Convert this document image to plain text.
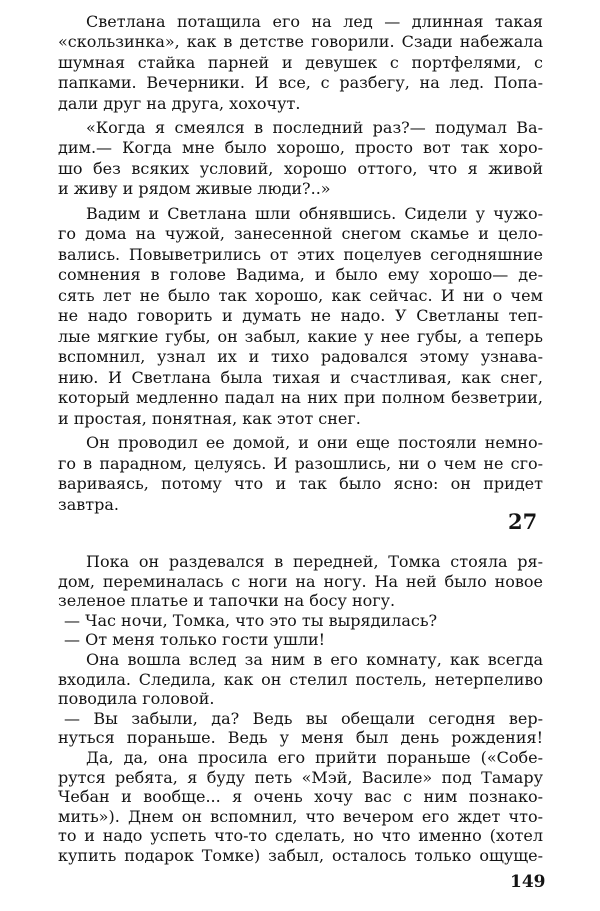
Светлана потащила его на лед — длинная такая

«скользинка», как в детстве говорили. Сзади набежала

шумная стайка парней и девушек с портфелями, с

папками. Вечерники. И все, с разбегу, на лед. Попа-

дали друг на друга, хохочут.

«Когда я смеялся в последний раз?— подумал Ва-

дим.— Когда мне было хорошо, просто вот так хоро-

шо без всяких условий, хорошо оттого, что я живой

и живу и рядом живые люди?..»

Вадим и Светлана шли обнявшись. Сидели у чужо-

го дома на чужой, занесенной снегом скамье и цело-

вались. Повыветрились от этих поцелуев сегодняшние

сомнения в голове Вадима, и было ему хорошо— де-

сять лет не было так хорошо, как сейчас. И ни о чем

не надо говорить и думать не надо. У Светланы теп-

лые мягкие губы, он забыл, какие у нее губы, а теперь

вспомнил, узнал их и тихо радовался этому узнава-

нию. И Светлана была тихая и счастливая, как снег,

который медленно падал на них при полном безветрии,

и простая, понятная, как этот снег.

Он проводил ее домой, и они еще постояли немно-

го в парадном, целуясь. И разошлись, ни о чем не сго-

вариваясь, потому что и так было ясно: он придет

завтра.

27

Пока он раздевался в передней, Томка стояла ря-

дом, переминалась с ноги на ногу. На ней было новое

зеленое платье и тапочки на босу ногу.

— Час ночи, Томка, что это ты вырядилась?

— От меня только гости ушли!

Она вошла вслед за ним в его комнату, как всегда

входила. Следила, как он стелил постель, нетерпеливо

поводила головой.

— Вы забыли, да? Ведь вы обещали сегодня вер-

нуться пораньше. Ведь у меня был день рождения!

Да, да, она просила его прийти пораньше («Собе-

рутся ребята, я буду петь «Мэй, Василе» под Тамару

Чебан и вообще... я очень хочу вас с ним познако-

мить»). Днем он вспомнил, что вечером его ждет что-

то и надо успеть что-то сделать, но что именно (хотел

купить подарок Томке) забыл, осталось только ощуще-

149
